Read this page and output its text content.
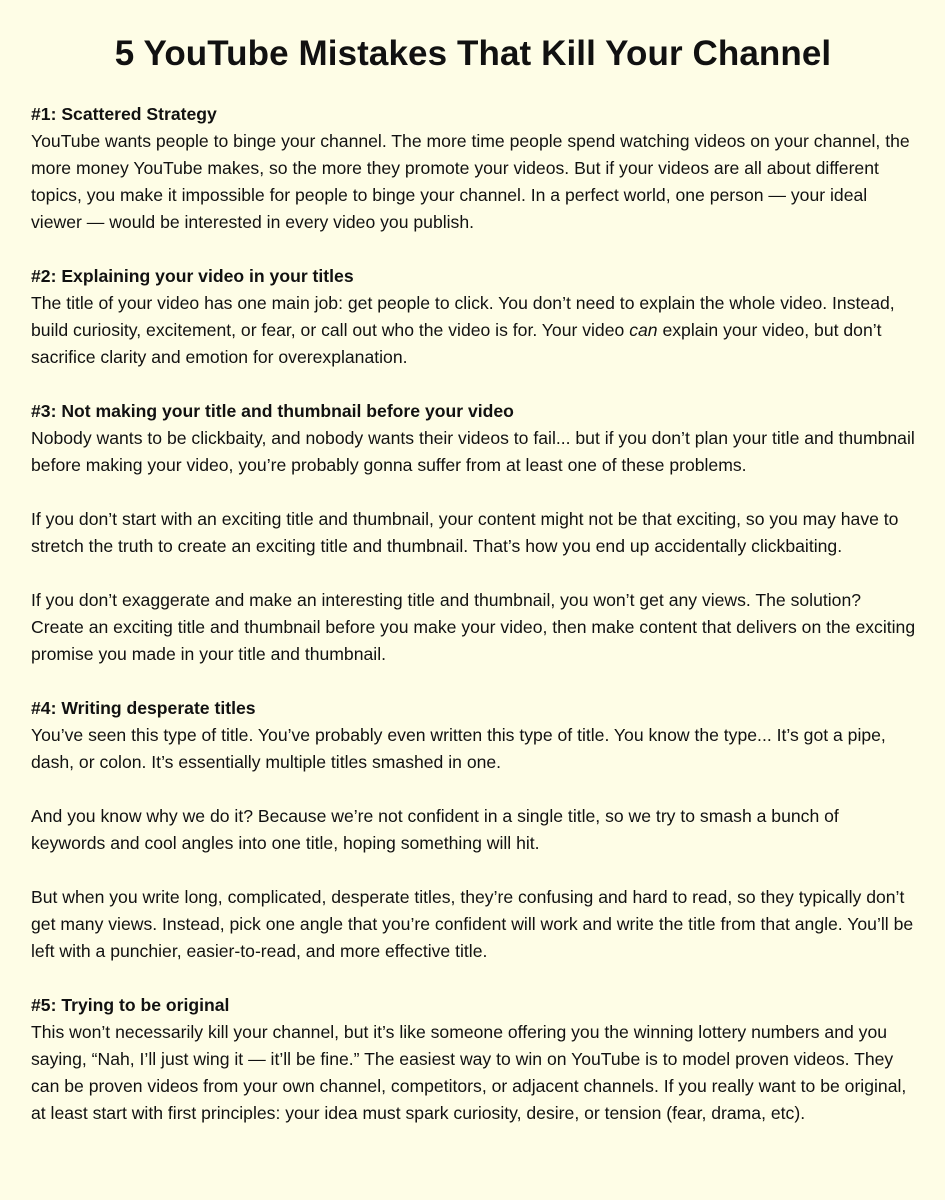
5 YouTube Mistakes That Kill Your Channel

#1: Scattered Strategy

YouTube wants people to binge your channel. The more time people spend watching videos on your channel, the more money YouTube makes, so the more they promote your videos. But if your videos are all about different topics, you make it impossible for people to binge your channel. In a perfect world, one person — your ideal viewer — would be interested in every video you publish.

#2: Explaining your video in your titles

The title of your video has one main job: get people to click. You don’t need to explain the whole video. Instead, build curiosity, excitement, or fear, or call out who the video is for. Your video can explain your video, but don’t sacrifice clarity and emotion for overexplanation.

#3: Not making your title and thumbnail before your video

Nobody wants to be clickbaity, and nobody wants their videos to fail... but if you don’t plan your title and thumbnail before making your video, you’re probably gonna suffer from at least one of these problems.

If you don’t start with an exciting title and thumbnail, your content might not be that exciting, so you may have to stretch the truth to create an exciting title and thumbnail. That’s how you end up accidentally clickbaiting.

If you don’t exaggerate and make an interesting title and thumbnail, you won’t get any views. The solution? Create an exciting title and thumbnail before you make your video, then make content that delivers on the exciting promise you made in your title and thumbnail.

#4: Writing desperate titles

You’ve seen this type of title. You’ve probably even written this type of title. You know the type... It’s got a pipe, dash, or colon. It’s essentially multiple titles smashed in one.

And you know why we do it? Because we’re not confident in a single title, so we try to smash a bunch of keywords and cool angles into one title, hoping something will hit.

But when you write long, complicated, desperate titles, they’re confusing and hard to read, so they typically don’t get many views. Instead, pick one angle that you’re confident will work and write the title from that angle. You’ll be left with a punchier, easier-to-read, and more effective title.

#5: Trying to be original

This won’t necessarily kill your channel, but it’s like someone offering you the winning lottery numbers and you saying, “Nah, I’ll just wing it — it’ll be fine.” The easiest way to win on YouTube is to model proven videos. They can be proven videos from your own channel, competitors, or adjacent channels. If you really want to be original, at least start with first principles: your idea must spark curiosity, desire, or tension (fear, drama, etc).
